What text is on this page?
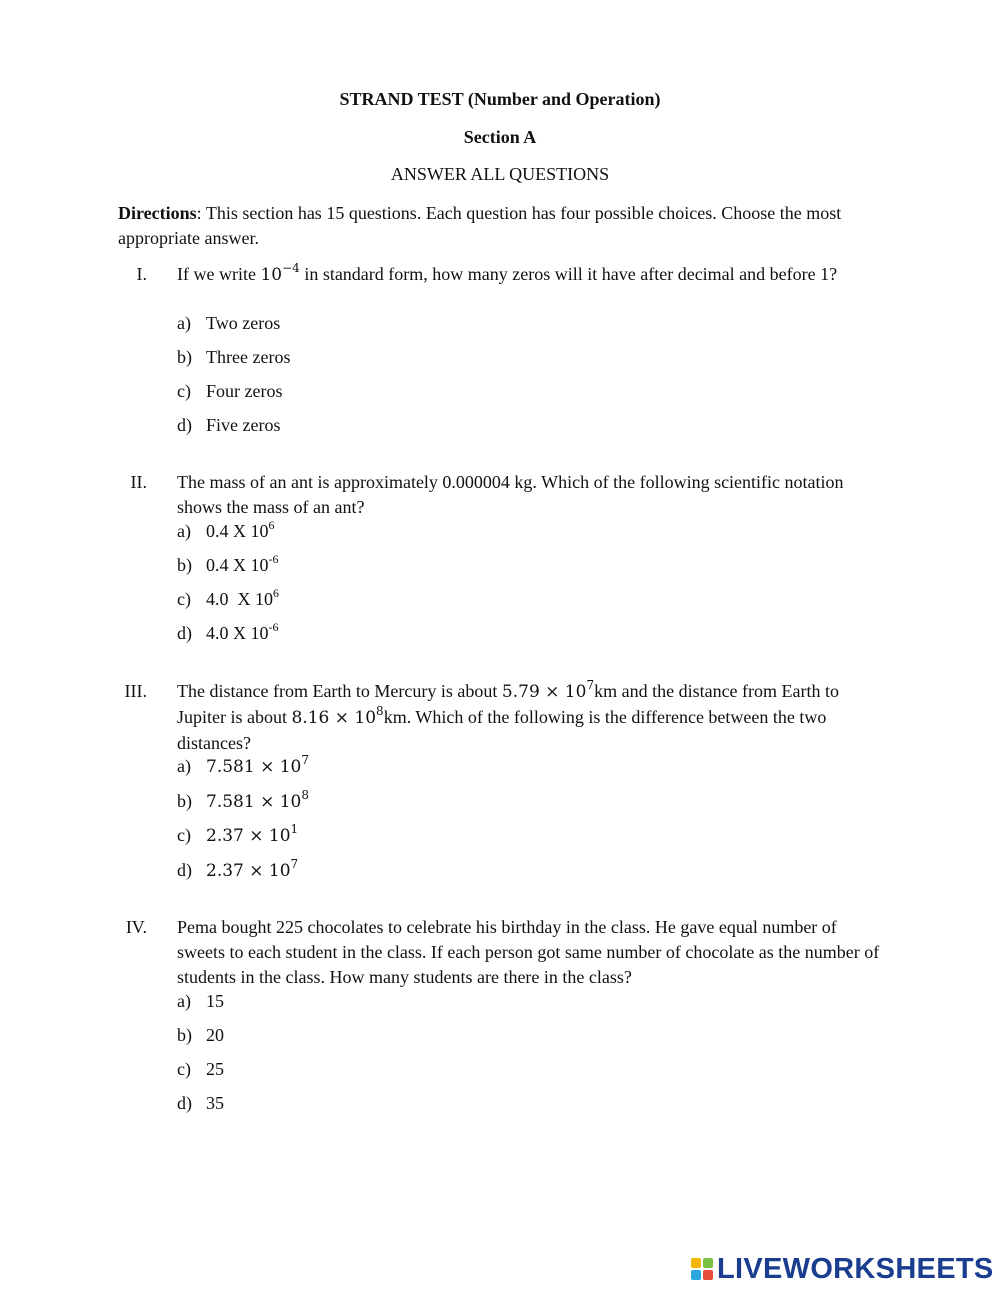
STRAND TEST (Number and Operation)
Section A
ANSWER ALL QUESTIONS
Directions: This section has 15 questions. Each question has four possible choices. Choose the most appropriate answer.
I. If we write $10^{-4}$ in standard form, how many zeros will it have after decimal and before 1?
a) Two zeros
b) Three zeros
c) Four zeros
d) Five zeros
II. The mass of an ant is approximately 0.000004 kg. Which of the following scientific notation shows the mass of an ant?
a) 0.4 X $10^6$
b) 0.4 X $10^{-6}$
c) 4.0  X $10^6$
d) 4.0 X $10^{-6}$
III. The distance from Earth to Mercury is about $5.79 \times 10^7km$ and the distance from Earth to Jupiter is about $8.16 \times 10^8km$. Which of the following is the difference between the two distances?
a) $7.581 \times 10^7$
b) $7.581 \times 10^8$
c) $2.37 \times 10^1$
d) $2.37 \times 10^7$
IV. Pema bought 225 chocolates to celebrate his birthday in the class. He gave equal number of sweets to each student in the class. If each person got same number of chocolate as the number of students in the class. How many students are there in the class?
a) 15
b) 20
c) 25
d) 35
LIVEWORKSHEETS
